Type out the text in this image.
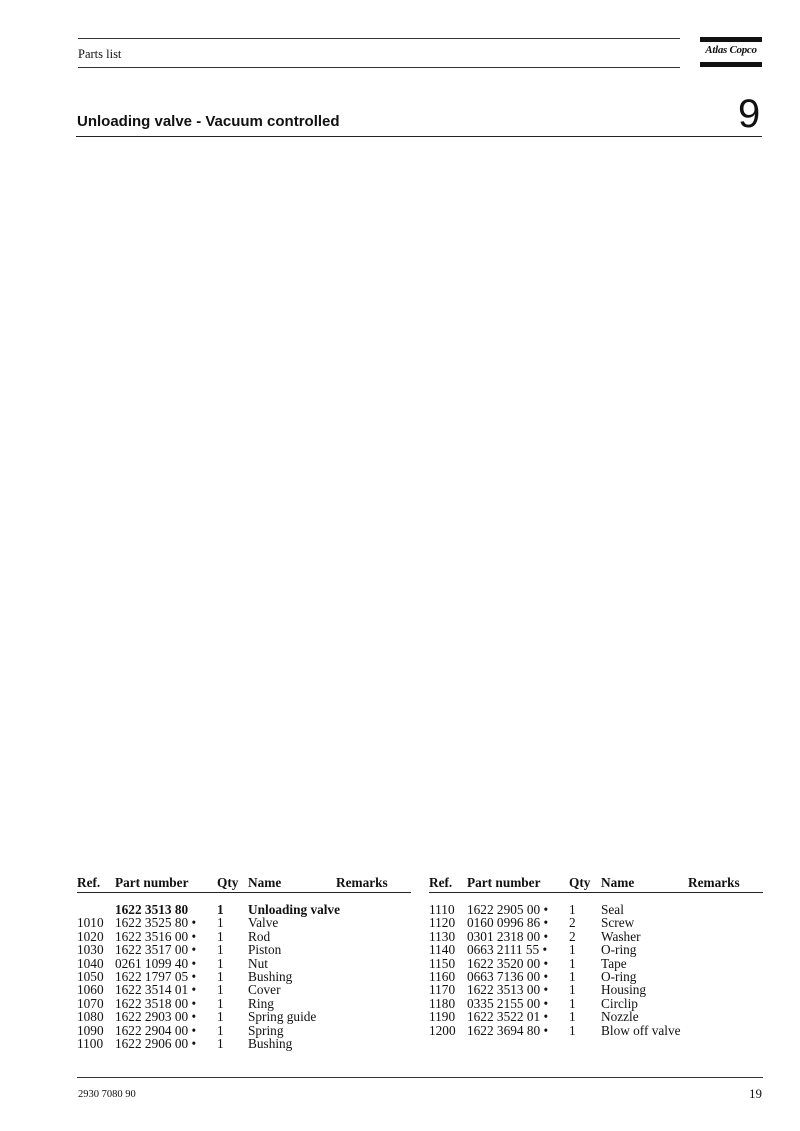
Parts list	Atlas Copco
Unloading valve - Vacuum controlled	9
Ref. Part number Qty Name	Remarks
1622 3513 80 1 Unloading valve
1010 1622 3525 80 • 1 Valve
1020 1622 3516 00 • 1 Rod
1030 1622 3517 00 • 1 Piston
1040 0261 1099 40 • 1 Nut
1050 1622 1797 05 • 1 Bushing
1060 1622 3514 01 • 1 Cover
1070 1622 3518 00 • 1 Ring
1080 1622 2903 00 • 1 Spring guide
1090 1622 2904 00 • 1 Spring
1100 1622 2906 00 • 1 Bushing
Ref. Part number Qty Name	Remarks
1110 1622 2905 00 • 1 Seal
1120 0160 0996 86 • 2 Screw
1130 0301 2318 00 • 2 Washer
1140 0663 2111 55 • 1 O-ring
1150 1622 3520 00 • 1 Tape
1160 0663 7136 00 • 1 O-ring
1170 1622 3513 00 • 1 Housing
1180 0335 2155 00 • 1 Circlip
1190 1622 3522 01 • 1 Nozzle
1200 1622 3694 80 • 1 Blow off valve
2930 7080 90	19
